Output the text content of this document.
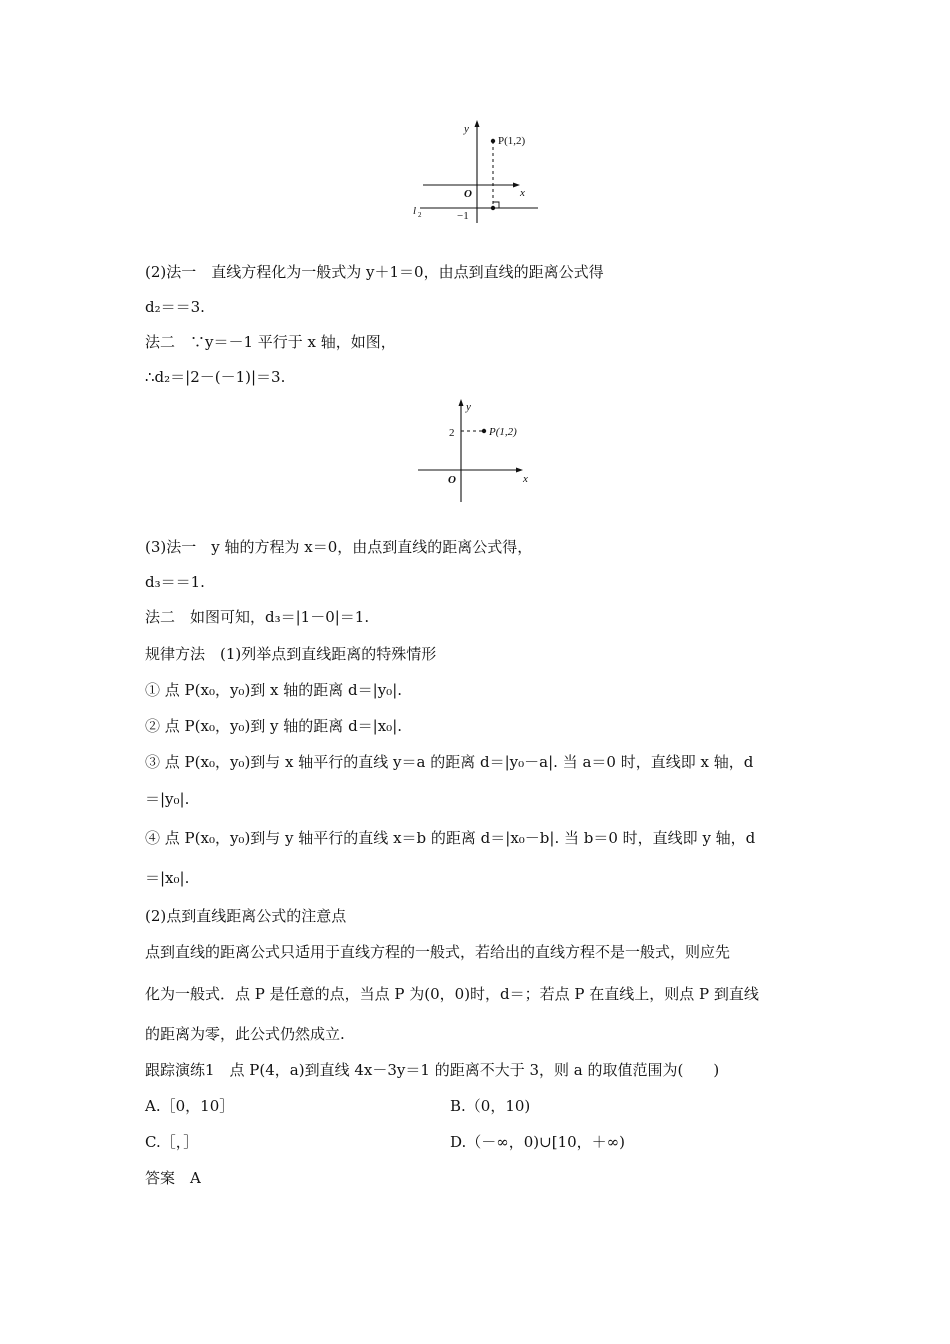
y
x
O
P(1,2)
−1
l 2
(2)法一　直线方程化为一般式为 y＋1＝0，由点到直线的距离公式得
d₂＝＝3.
法二　∵y＝－1 平行于 x 轴，如图，
∴d₂＝|2－(－1)|＝3.
y
x
O
P(1,2)
2
(3)法一　y 轴的方程为 x＝0，由点到直线的距离公式得，
d₃＝＝1.
法二　如图可知，d₃＝|1－0|＝1.
规律方法　(1)列举点到直线距离的特殊情形
① 点 P(x₀，y₀)到 x 轴的距离 d＝|y₀|.
② 点 P(x₀，y₀)到 y 轴的距离 d＝|x₀|.
③ 点 P(x₀，y₀)到与 x 轴平行的直线 y＝a 的距离 d＝|y₀－a|. 当 a＝0 时，直线即 x 轴，d
＝|y₀|.
④ 点 P(x₀，y₀)到与 y 轴平行的直线 x＝b 的距离 d＝|x₀－b|. 当 b＝0 时，直线即 y 轴，d
＝|x₀|.
(2)点到直线距离公式的注意点
点到直线的距离公式只适用于直线方程的一般式，若给出的直线方程不是一般式，则应先
化为一般式．点 P 是任意的点，当点 P 为(0，0)时，d＝；若点 P 在直线上，则点 P 到直线
的距离为零，此公式仍然成立.
跟踪演练1　点 P(4，a)到直线 4x－3y＝1 的距离不大于 3，则 a 的取值范围为(　　)
A.［0，10］	B.（0，10)
C.［，］	D.（－∞，0)∪[10，＋∞)
答案　A
